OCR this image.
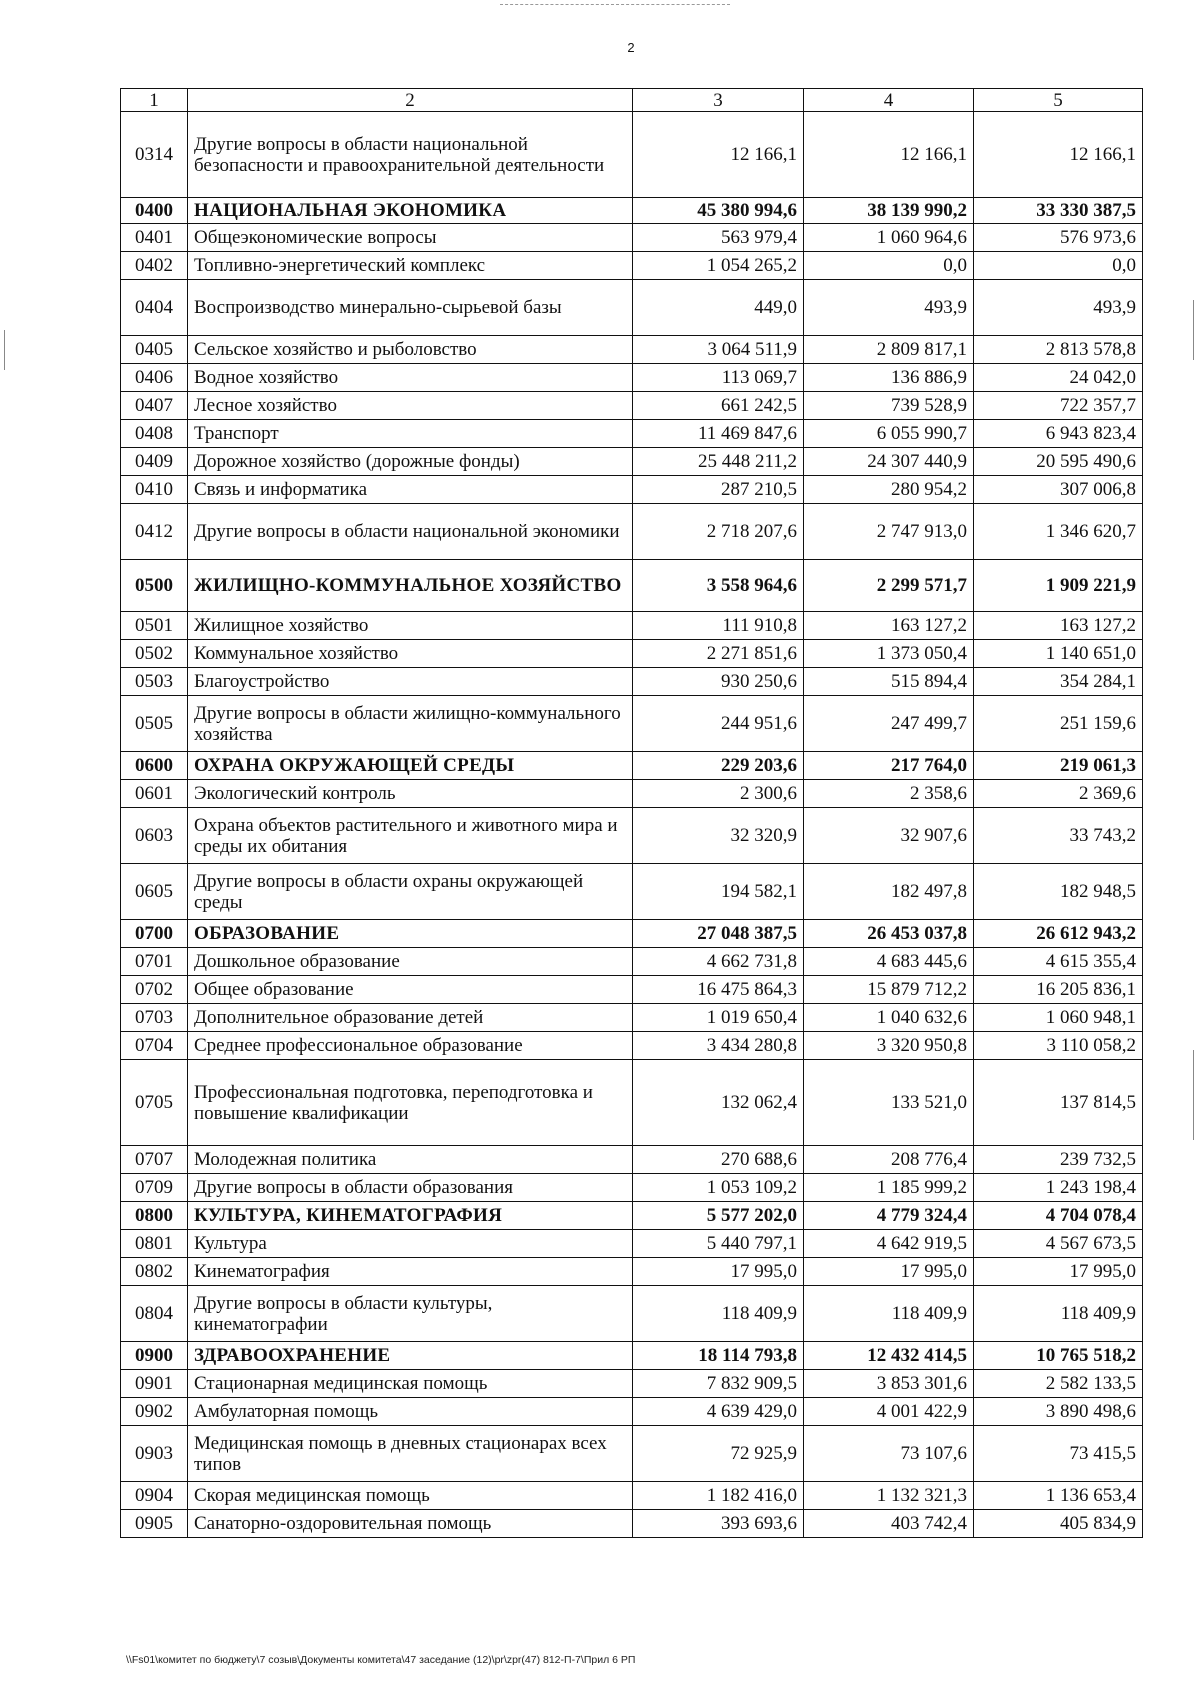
2
1	2	3	4	5
0314	Другие вопросы в области национальной безопасности и правоохранительной деятельности	12 166,1	12 166,1	12 166,1
0400	НАЦИОНАЛЬНАЯ ЭКОНОМИКА	45 380 994,6	38 139 990,2	33 330 387,5
0401	Общеэкономические вопросы	563 979,4	1 060 964,6	576 973,6
0402	Топливно-энергетический комплекс	1 054 265,2	0,0	0,0
0404	Воспроизводство минерально-сырьевой базы	449,0	493,9	493,9
0405	Сельское хозяйство и рыболовство	3 064 511,9	2 809 817,1	2 813 578,8
0406	Водное хозяйство	113 069,7	136 886,9	24 042,0
0407	Лесное хозяйство	661 242,5	739 528,9	722 357,7
0408	Транспорт	11 469 847,6	6 055 990,7	6 943 823,4
0409	Дорожное хозяйство (дорожные фонды)	25 448 211,2	24 307 440,9	20 595 490,6
0410	Связь и информатика	287 210,5	280 954,2	307 006,8
0412	Другие вопросы в области национальной экономики	2 718 207,6	2 747 913,0	1 346 620,7
0500	ЖИЛИЩНО-КОММУНАЛЬНОЕ ХОЗЯЙСТВО	3 558 964,6	2 299 571,7	1 909 221,9
0501	Жилищное хозяйство	111 910,8	163 127,2	163 127,2
0502	Коммунальное хозяйство	2 271 851,6	1 373 050,4	1 140 651,0
0503	Благоустройство	930 250,6	515 894,4	354 284,1
0505	Другие вопросы в области жилищно-коммунального хозяйства	244 951,6	247 499,7	251 159,6
0600	ОХРАНА ОКРУЖАЮЩЕЙ СРЕДЫ	229 203,6	217 764,0	219 061,3
0601	Экологический контроль	2 300,6	2 358,6	2 369,6
0603	Охрана объектов растительного и животного мира и среды их обитания	32 320,9	32 907,6	33 743,2
0605	Другие вопросы в области охраны окружающей среды	194 582,1	182 497,8	182 948,5
0700	ОБРАЗОВАНИЕ	27 048 387,5	26 453 037,8	26 612 943,2
0701	Дошкольное образование	4 662 731,8	4 683 445,6	4 615 355,4
0702	Общее образование	16 475 864,3	15 879 712,2	16 205 836,1
0703	Дополнительное образование детей	1 019 650,4	1 040 632,6	1 060 948,1
0704	Среднее профессиональное образование	3 434 280,8	3 320 950,8	3 110 058,2
0705	Профессиональная подготовка, переподготовка и повышение квалификации	132 062,4	133 521,0	137 814,5
0707	Молодежная политика	270 688,6	208 776,4	239 732,5
0709	Другие вопросы в области образования	1 053 109,2	1 185 999,2	1 243 198,4
0800	КУЛЬТУРА, КИНЕМАТОГРАФИЯ	5 577 202,0	4 779 324,4	4 704 078,4
0801	Культура	5 440 797,1	4 642 919,5	4 567 673,5
0802	Кинематография	17 995,0	17 995,0	17 995,0
0804	Другие вопросы в области культуры, кинематографии	118 409,9	118 409,9	118 409,9
0900	ЗДРАВООХРАНЕНИЕ	18 114 793,8	12 432 414,5	10 765 518,2
0901	Стационарная медицинская помощь	7 832 909,5	3 853 301,6	2 582 133,5
0902	Амбулаторная помощь	4 639 429,0	4 001 422,9	3 890 498,6
0903	Медицинская помощь в дневных стационарах всех типов	72 925,9	73 107,6	73 415,5
0904	Скорая медицинская помощь	1 182 416,0	1 132 321,3	1 136 653,4
0905	Санаторно-оздоровительная помощь	393 693,6	403 742,4	405 834,9
\\Fs01\комитет по бюджету\7 созыв\Документы комитета\47 заседание (12)\pr\zpr(47) 812-П-7\Прил 6 РП
